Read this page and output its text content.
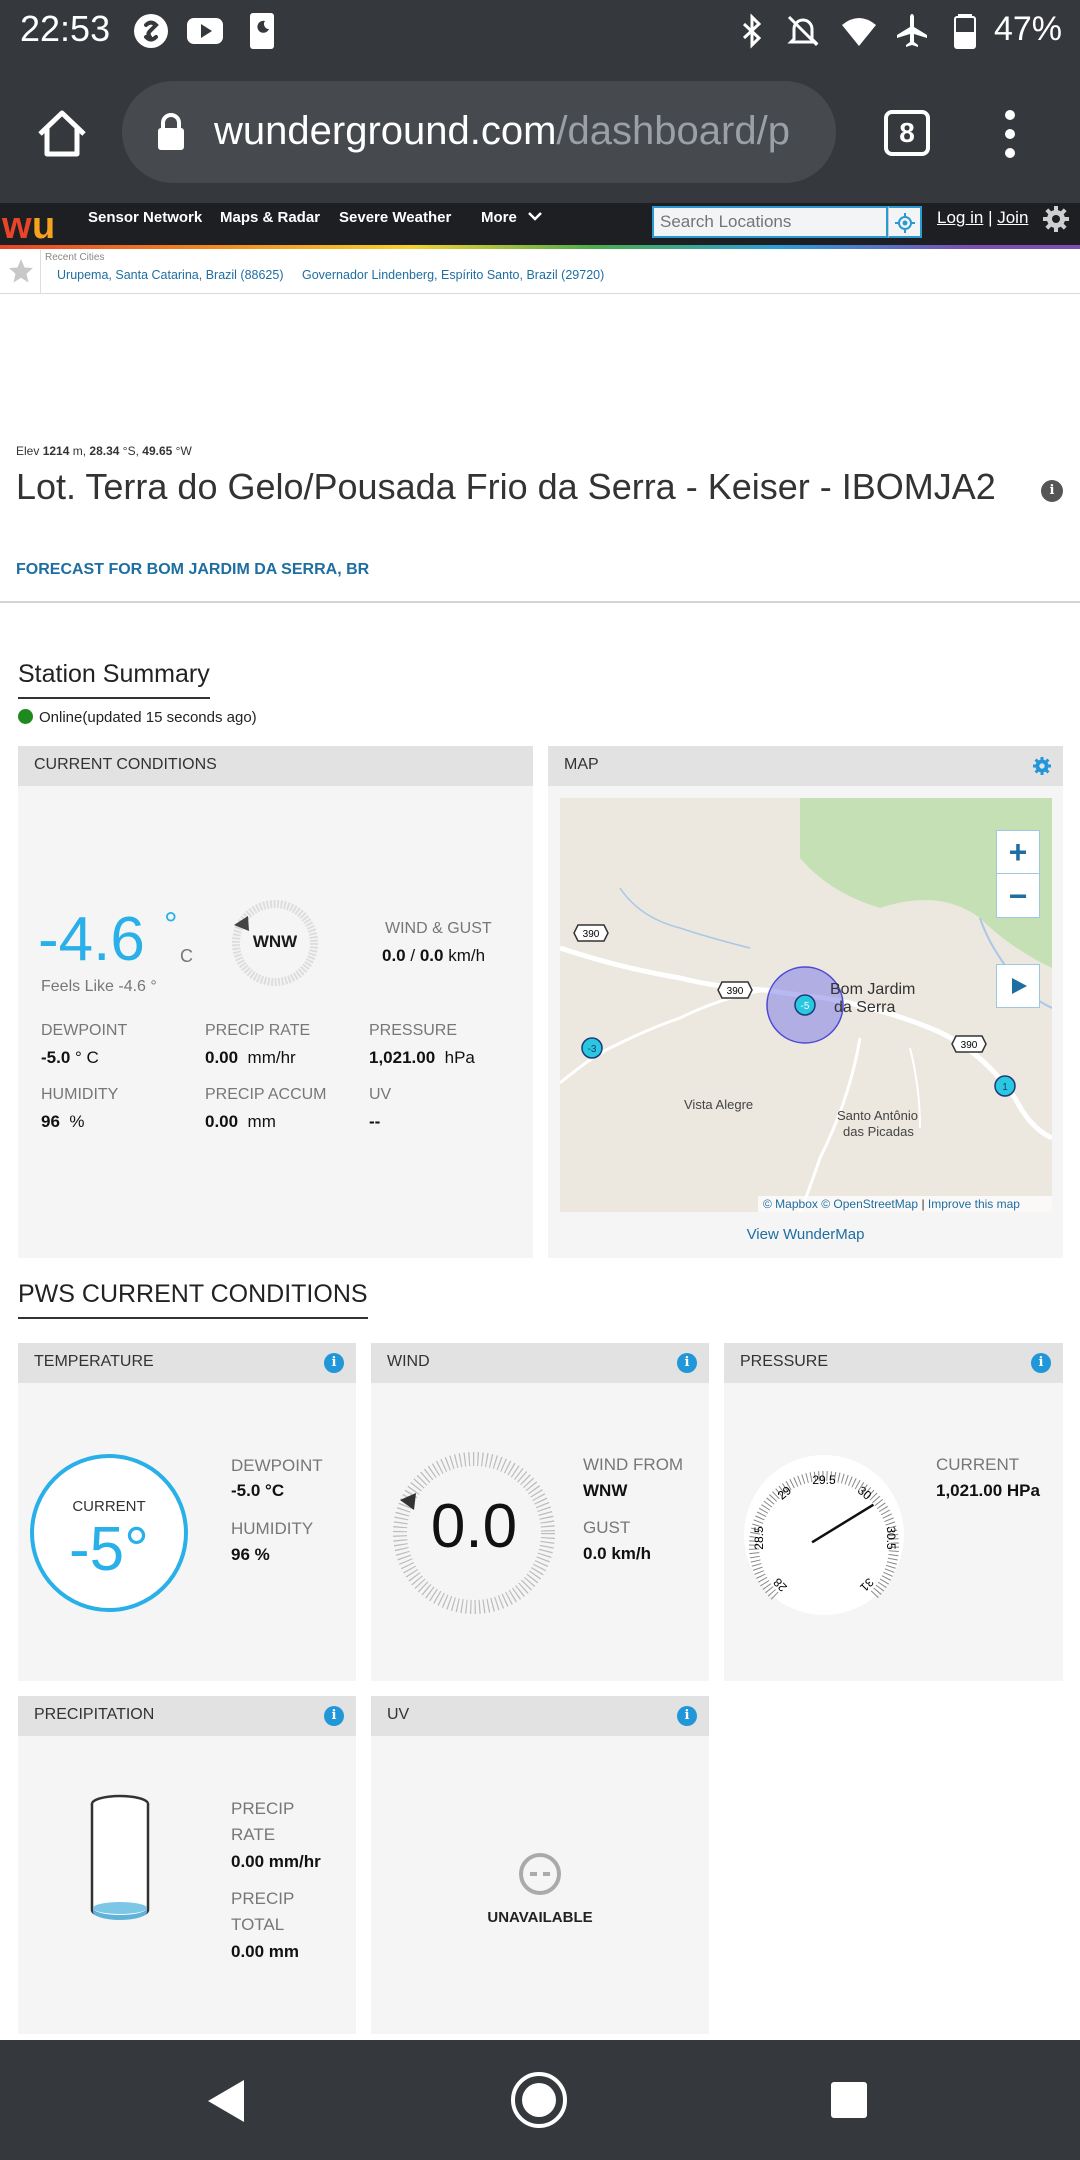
22:53	47%
wunderground.com/dashboard/p	8
w u Sensor Network Maps & Radar Severe Weather More
Search Locations	Log in | Join
Recent Cities
Urupema, Santa Catarina, Brazil (88625) Governador Lindenberg, Espírito Santo, Brazil (29720)
Elev 1214 m, 28.34 °S, 49.65 °W
Lot. Terra do Gelo/Pousada Frio da Serra - Keiser - IBOMJA2	i
FORECAST FOR BOM JARDIM DA SERRA, BR
Station Summary
Online(updated 15 seconds ago)
CURRENT CONDITIONS
-4.6 °
C
Feels Like -4.6 °
WNW
WIND & GUST
0.0 / 0.0 km/h
DEWPOINT
-5.0 ° C
PRECIP RATE
0.00 mm/hr
PRESSURE
1,021.00 hPa
HUMIDITY
96 %
PRECIP ACCUM
0.00 mm
UV
--
MAP
390
390
390
-5
-3
1
Bom Jardim
da Serra
Vista Alegre
Santo Antônio
das Picadas
© Mapbox © OpenStreetMap | Improve this map
+
−
View WunderMap
PWS CURRENT CONDITIONS
TEMPERATURE	i
CURRENT
-5°
DEWPOINT
-5.0 °C
HUMIDITY
96 %
WIND	i
0.0
WIND FROM
WNW
GUST
0.0 km/h
PRESSURE	i
29.5
29	30
28.5	30.5
31
28
CURRENT
1,021.00 HPa
PRECIPITATION	i
PRECIP
RATE
0.00 mm/hr
PRECIP
TOTAL
0.00 mm
UV	i
UNAVAILABLE
